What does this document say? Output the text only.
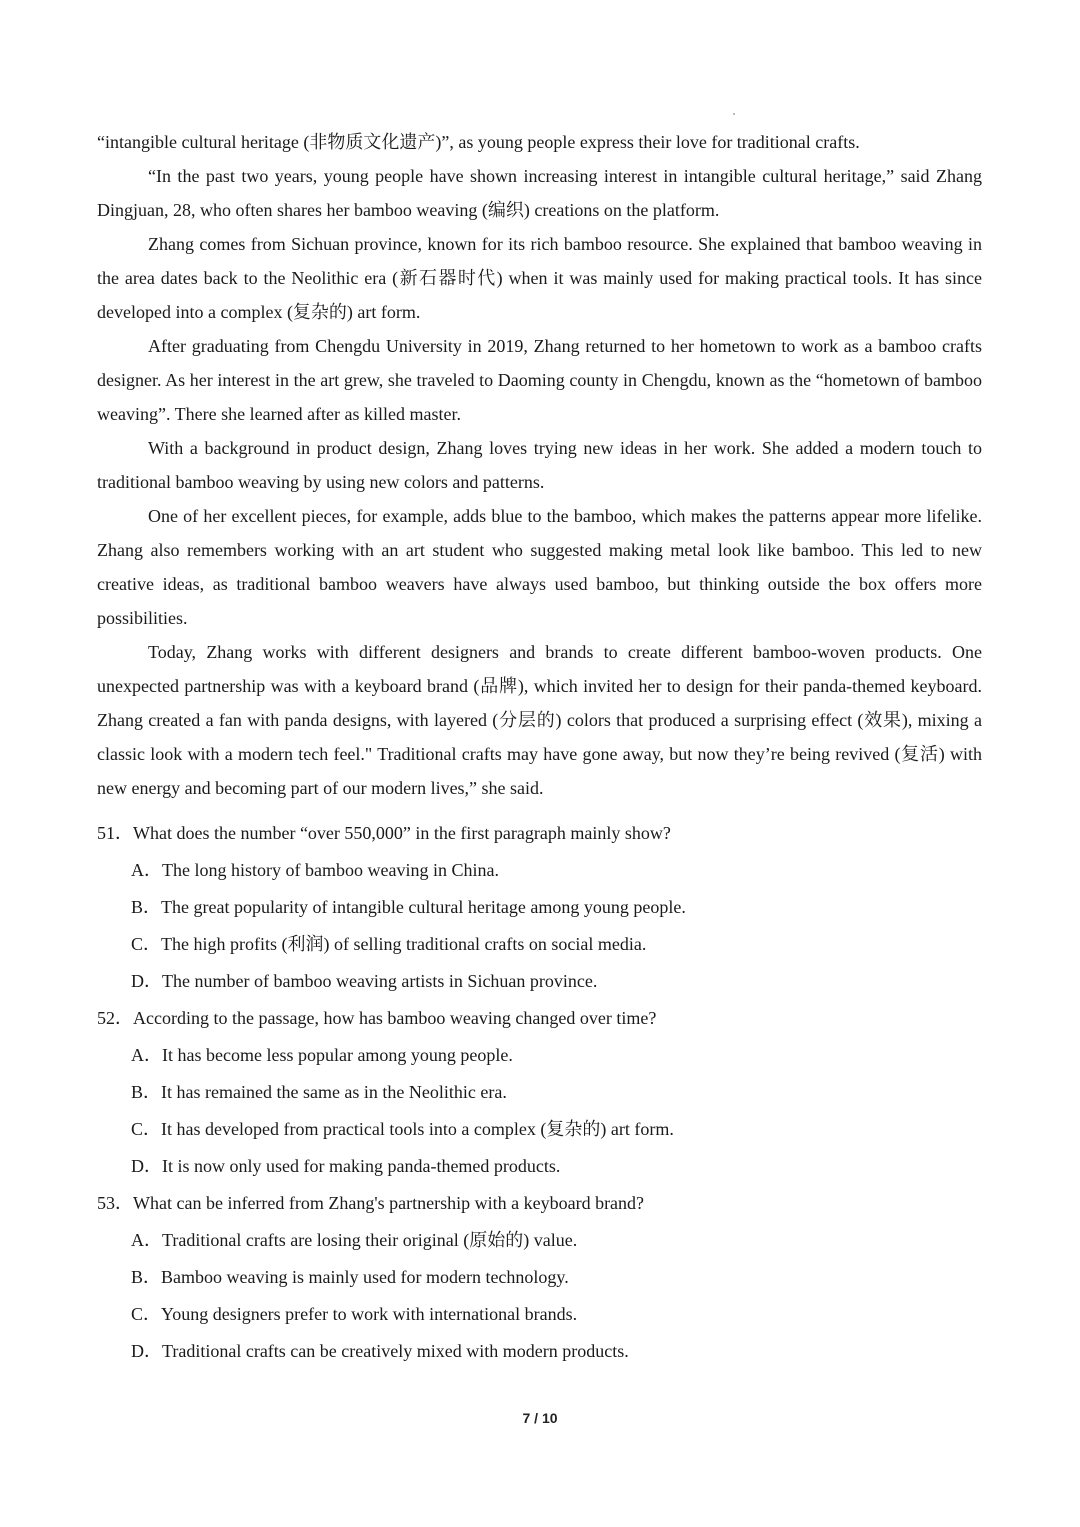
“intangible cultural heritage (非物质文化遗产)”, as young people express their love for traditional crafts.

“In the past two years, young people have shown increasing interest in intangible cultural heritage,” said Zhang Dingjuan, 28, who often shares her bamboo weaving (编织) creations on the platform.

Zhang comes from Sichuan province, known for its rich bamboo resource. She explained that bamboo weaving in the area dates back to the Neolithic era (新石器时代) when it was mainly used for making practical tools. It has since developed into a complex (复杂的) art form.

After graduating from Chengdu University in 2019, Zhang returned to her hometown to work as a bamboo crafts designer. As her interest in the art grew, she traveled to Daoming county in Chengdu, known as the “hometown of bamboo weaving”. There she learned after as killed master.

With a background in product design, Zhang loves trying new ideas in her work. She added a modern touch to traditional bamboo weaving by using new colors and patterns.

One of her excellent pieces, for example, adds blue to the bamboo, which makes the patterns appear more lifelike. Zhang also remembers working with an art student who suggested making metal look like bamboo. This led to new creative ideas, as traditional bamboo weavers have always used bamboo, but thinking outside the box offers more possibilities.

Today, Zhang works with different designers and brands to create different bamboo-woven products. One unexpected partnership was with a keyboard brand (品牌), which invited her to design for their panda-themed keyboard. Zhang created a fan with panda designs, with layered (分层的) colors that produced a surprising effect (效果), mixing a classic look with a modern tech feel." Traditional crafts may have gone away, but now they’re being revived (复活) with new energy and becoming part of our modern lives,” she said.

51．What does the number “over 550,000” in the first paragraph mainly show?

A．The long history of bamboo weaving in China.

B．The great popularity of intangible cultural heritage among young people.

C．The high profits (利润) of selling traditional crafts on social media.

D．The number of bamboo weaving artists in Sichuan province.

52．According to the passage, how has bamboo weaving changed over time?

A．It has become less popular among young people.

B．It has remained the same as in the Neolithic era.

C．It has developed from practical tools into a complex (复杂的) art form.

D．It is now only used for making panda-themed products.

53．What can be inferred from Zhang's partnership with a keyboard brand?

A．Traditional crafts are losing their original (原始的) value.

B．Bamboo weaving is mainly used for modern technology.

C．Young designers prefer to work with international brands.

D．Traditional crafts can be creatively mixed with modern products.

7 / 10
